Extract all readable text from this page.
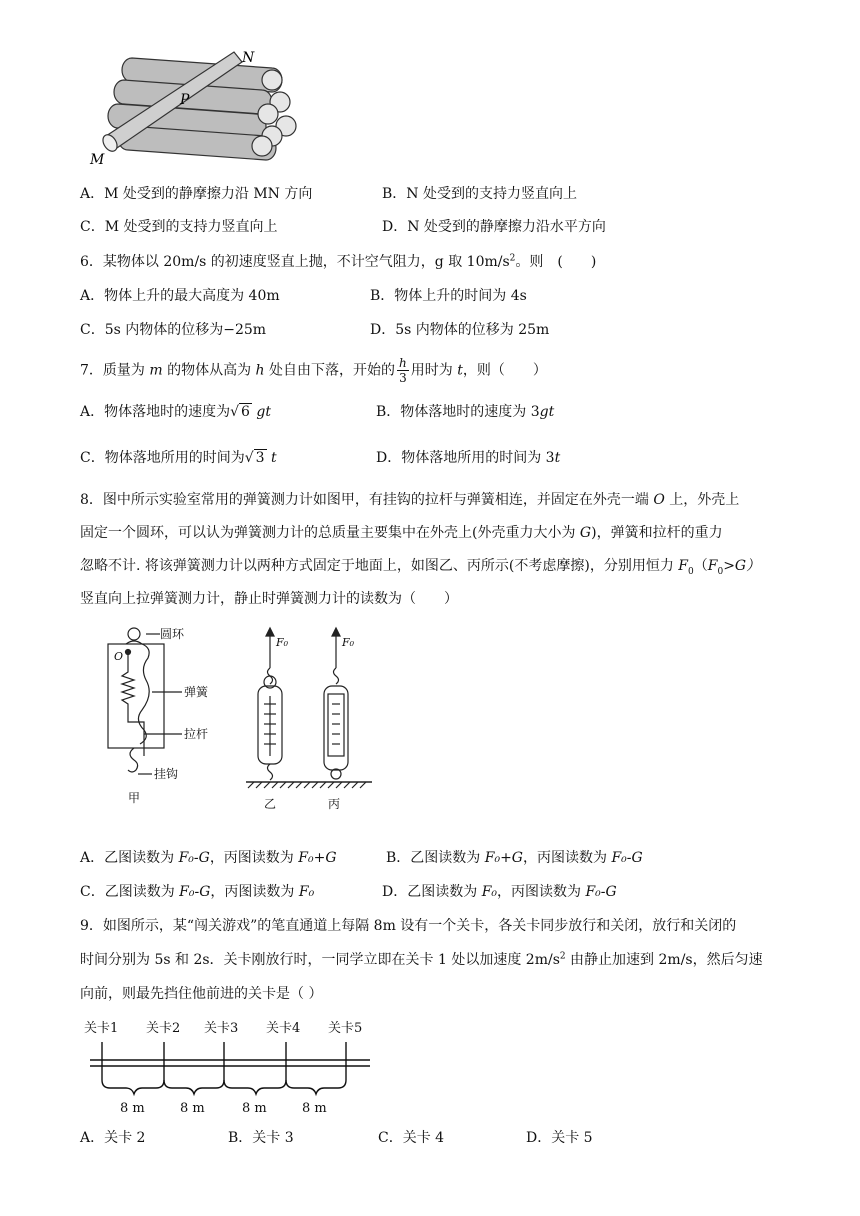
N
P
M
A．M 处受到的静摩擦力沿 MN 方向	B．N 处受到的支持力竖直向上
C．M 处受到的支持力竖直向上	D．N 处受到的静摩擦力沿水平方向
6．某物体以 20m/s 的初速度竖直上抛，不计空气阻力，g 取 $10m/s^2$。则　(　　)
A．物体上升的最大高度为 40m	B．物体上升的时间为 4s
C．5s 内物体的位移为−25m	D．5s 内物体的位移为 25m
7．质量为 m 的物体从高为 h 处自由下落，开始的 $\frac{h}{3}$ 用时为 t，则（　　）
A．物体落地时的速度为√ 6 gt	B．物体落地时的速度为 3gt
C．物体落地所用的时间为√ 3 t	D．物体落地所用的时间为 3t
8．图中所示实验室常用的弹簧测力计如图甲，有挂钩的拉杆与弹簧相连，并固定在外壳一端 O 上，外壳上
固定一个圆环，可以认为弹簧测力计的总质量主要集中在外壳上(外壳重力大小为 G)，弹簧和拉杆的重力
忽略不计. 将该弹簧测力计以两种方式固定于地面上，如图乙、丙所示(不考虑摩擦)，分别用恒力 $F_0(F_0>G)$
竖直向上拉弹簧测力计，静止时弹簧测力计的读数为（　　）
圆环
O
弹簧
拉杆
挂钩
甲	乙	丙
F₀	F₀
A．乙图读数为 F₀-G，丙图读数为 F₀+G	B．乙图读数为 F₀+G，丙图读数为 F₀-G
C．乙图读数为 F₀-G，丙图读数为 F₀	D．乙图读数为 F₀，丙图读数为 F₀-G
9．如图所示，某“闯关游戏”的笔直通道上每隔 8m 设有一个关卡，各关卡同步放行和关闭，放行和关闭的
时间分别为 5s 和 2s．关卡刚放行时，一同学立即在关卡 1 处以加速度 $2m/s^2$ 由静止加速到 2m/s，然后匀速
向前，则最先挡住他前进的关卡是（ ）
关卡1 关卡2 关卡3 关卡4 关卡5
8 m	8 m	8 m	8 m
A．关卡 2	B．关卡 3	C．关卡 4	D．关卡 5
